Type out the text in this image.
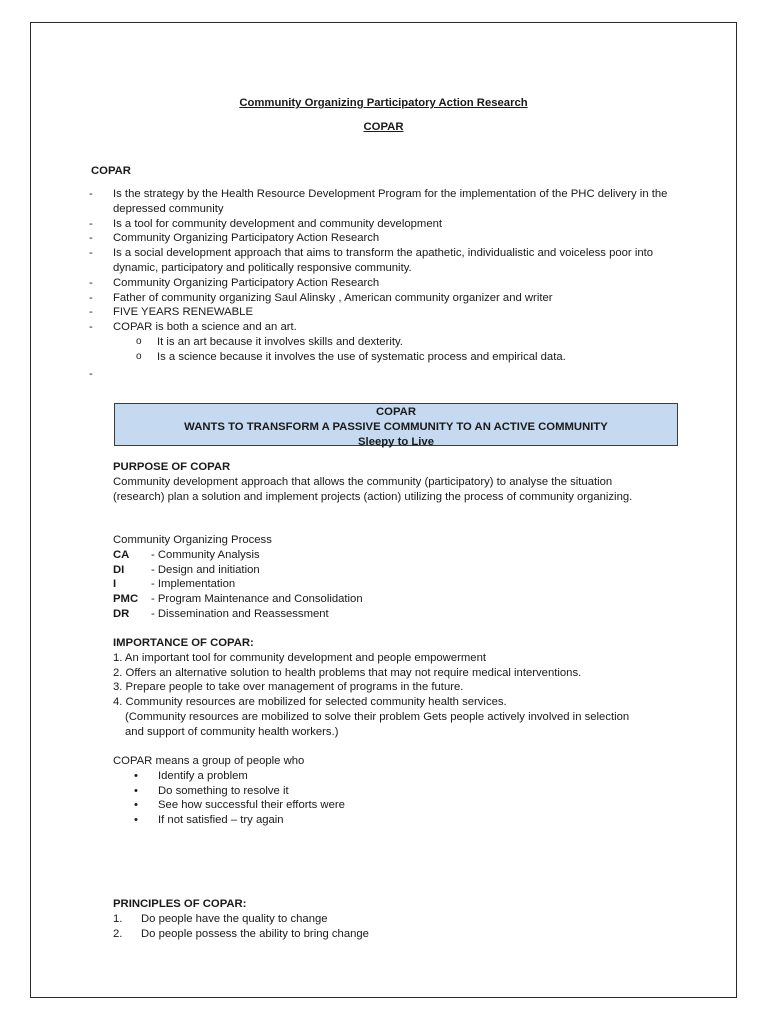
Community Organizing Participatory Action Research
COPAR
COPAR
- Is the strategy by the Health Resource Development Program for the implementation of the PHC delivery in the depressed community
- Is a tool for community development and community development
- Community Organizing Participatory Action Research
- Is a social development approach that aims to transform the apathetic, individualistic and voiceless poor into dynamic, participatory and politically responsive community.
- Community Organizing Participatory Action Research
- Father of community organizing Saul Alinsky , American community organizer and writer
- FIVE YEARS RENEWABLE
- COPAR is both a science and an art.
o It is an art because it involves skills and dexterity.
o Is a science because it involves the use of systematic process and empirical data.
-
COPAR
WANTS TO TRANSFORM A PASSIVE COMMUNITY TO AN ACTIVE COMMUNITY
Sleepy to Live
PURPOSE OF COPAR
Community development approach that allows the community (participatory) to analyse the situation (research) plan a solution and implement projects (action) utilizing the process of community organizing.
Community Organizing Process
CA	- Community Analysis
DI	- Design and initiation
I	- Implementation
PMC	- Program Maintenance and Consolidation
DR	- Dissemination and Reassessment
IMPORTANCE OF COPAR:
1. An important tool for community development and people empowerment
2. Offers an alternative solution to health problems that may not require medical interventions.
3. Prepare people to take over management of programs in the future.
4. Community resources are mobilized for selected community health services.
(Community resources are mobilized to solve their problem Gets people actively involved in selection and support of community health workers.)
COPAR means a group of people who
• Identify a problem
• Do something to resolve it
• See how successful their efforts were
• If not satisfied – try again
PRINCIPLES OF COPAR:
1. Do people have the quality to change
2. Do people possess the ability to bring change
